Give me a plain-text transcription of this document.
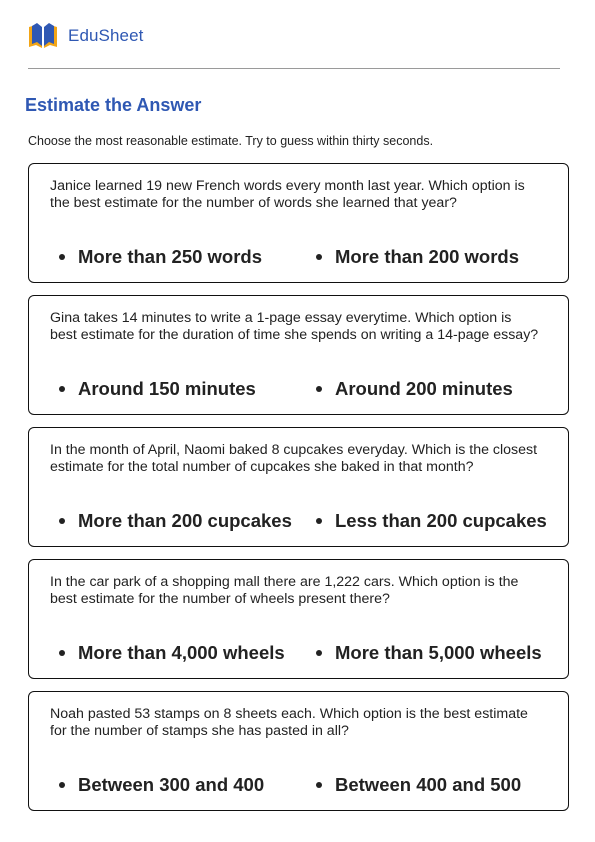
EduSheet
Estimate the Answer
Choose the most reasonable estimate. Try to guess within thirty seconds.
Janice learned 19 new French words every month last year. Which option is the best estimate for the number of words she learned that year?
More than 250 words	More than 200 words
Gina takes 14 minutes to write a 1-page essay everytime. Which option is best estimate for the duration of time she spends on writing a 14-page essay?
Around 150 minutes	Around 200 minutes
In the month of April, Naomi baked 8 cupcakes everyday. Which is the closest estimate for the total number of cupcakes she baked in that month?
More than 200 cupcakes Less than 200 cupcakes
In the car park of a shopping mall there are 1,222 cars. Which option is the best estimate for the number of wheels present there?
More than 4,000 wheels	More than 5,000 wheels
Noah pasted 53 stamps on 8 sheets each. Which option is the best estimate for the number of stamps she has pasted in all?
Between 300 and 400	Between 400 and 500
